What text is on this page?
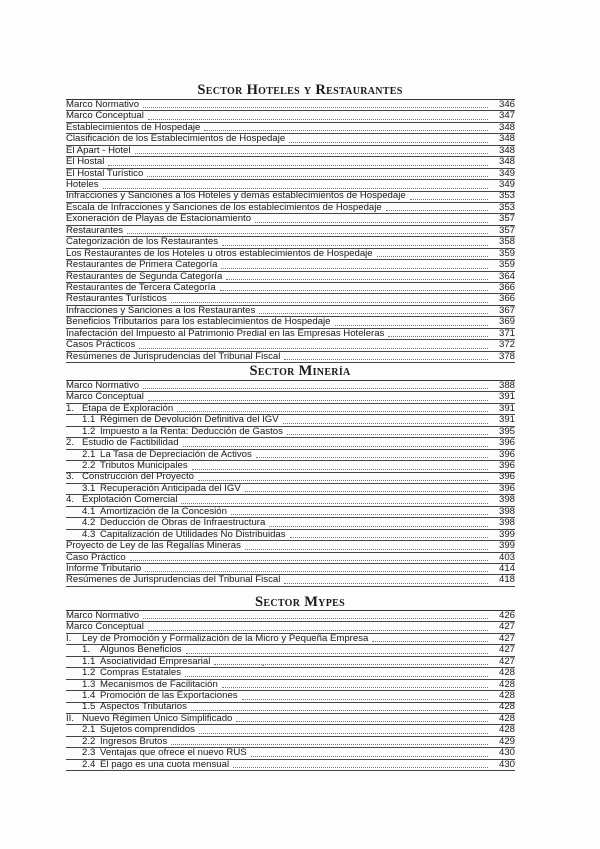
Sector Hoteles y Restaurantes
Marco Normativo	346
Marco Conceptual	347
Establecimientos de Hospedaje	348
Clasificación de los Establecimientos de Hospedaje	348
El Apart - Hotel	348
El Hostal	348
El Hostal Turístico	349
Hoteles	349
Infracciones y Sanciones a los Hoteles y demás establecimientos de Hospedaje	353
Escala de Infracciones y Sanciones de los establecimientos de Hospedaje	353
Exoneración de Playas de Estacionamiento	357
Restaurantes	357
Categorización de los Restaurantes	358
Los Restaurantes de los Hoteles u otros establecimientos de Hospedaje	359
Restaurantes de Primera Categoría	359
Restaurantes de Segunda Categoría	364
Restaurantes de Tercera Categoría	366
Restaurantes Turísticos	366
Infracciones y Sanciones a los Restaurantes	367
Beneficios Tributarios para los establecimientos de Hospedaje	369
Inafectación del Impuesto al Patrimonio Predial en las Empresas Hoteleras	371
Casos Prácticos	372
Resúmenes de Jurisprudencias del Tribunal Fiscal	378
Sector Minería
Marco Normativo	388
Marco Conceptual	391
1. Etapa de Exploración	391
1.1 Régimen de Devolución Definitiva del IGV	391
1.2 Impuesto a la Renta: Deducción de Gastos	395
2. Estudio de Factibilidad	396
2.1 La Tasa de Depreciación de Activos	396
2.2 Tributos Municipales	396
3. Construcción del Proyecto	396
3.1 Recuperación Anticipada del IGV	396
4. Explotación Comercial	398
4.1 Amortización de la Concesión	398
4.2 Deducción de Obras de Infraestructura	398
4.3 Capitalización de Utilidades No Distribuidas	399
Proyecto de Ley de las Regalías Mineras	399
Caso Práctico	403
Informe Tributario	414
Resúmenes de Jurisprudencias del Tribunal Fiscal	418
Sector Mypes
Marco Normativo	426
Marco Conceptual	427
I. Ley de Promoción y Formalización de la Micro y Pequeña Empresa	427
1. Algunos Beneficios	427
1.1 Asociatividad Empresarial	427
1.2 Compras Estatales	428
1.3 Mecanismos de Facilitación	428
1.4 Promoción de las Exportaciones	428
1.5 Aspectos Tributarios	428
II. Nuevo Régimen Único Simplificado	428
2.1 Sujetos comprendidos	428
2.2 Ingresos Brutos	429
2.3 Ventajas que ofrece el nuevo RUS	430
2.4 El pago es una cuota mensual	430
